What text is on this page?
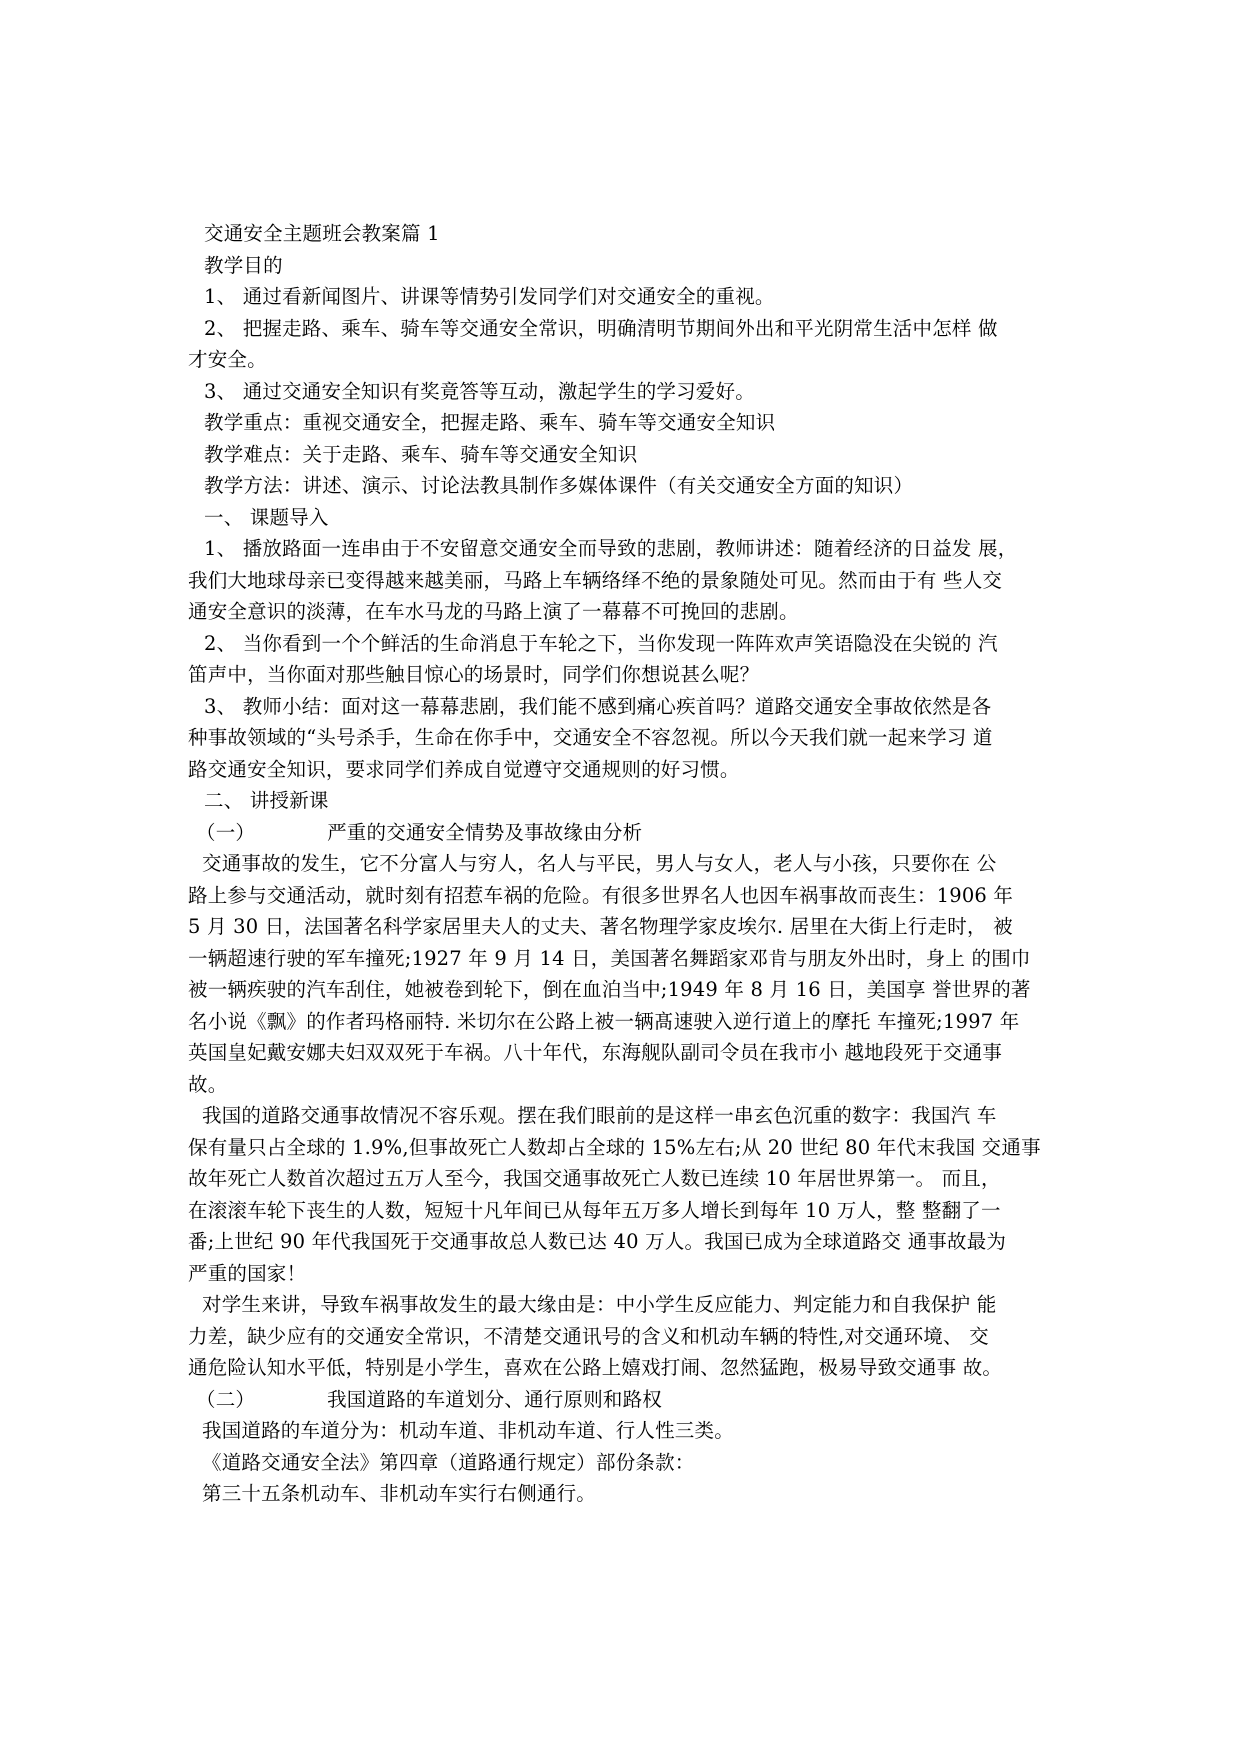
交通安全主题班会教案篇 1
教学目的
1、 通过看新闻图片、讲课等情势引发同学们对交通安全的重视。
2、 把握走路、乘车、骑车等交通安全常识，明确清明节期间外出和平光阴常生活中怎样 做
才安全。
3、 通过交通安全知识有奖竟答等互动，激起学生的学习爱好。
教学重点：重视交通安全，把握走路、乘车、骑车等交通安全知识
教学难点：关于走路、乘车、骑车等交通安全知识
教学方法：讲述、演示、讨论法教具制作多媒体课件（有关交通安全方面的知识）
一、 课题导入
1、 播放路面一连串由于不安留意交通安全而导致的悲剧，教师讲述：随着经济的日益发 展，
我们大地球母亲已变得越来越美丽，马路上车辆络绎不绝的景象随处可见。然而由于有 些人交
通安全意识的淡薄，在车水马龙的马路上演了一幕幕不可挽回的悲剧。
2、 当你看到一个个鲜活的生命消息于车轮之下，当你发现一阵阵欢声笑语隐没在尖锐的 汽
笛声中，当你面对那些触目惊心的场景时，同学们你想说甚么呢？
3、 教师小结：面对这一幕幕悲剧，我们能不感到痛心疾首吗？道路交通安全事故依然是各
种事故领域的“头号杀手，生命在你手中，交通安全不容忽视。所以今天我们就一起来学习 道
路交通安全知识，要求同学们养成自觉遵守交通规则的好习惯。
二、 讲授新课
（一）	严重的交通安全情势及事故缘由分析
交通事故的发生，它不分富人与穷人，名人与平民，男人与女人，老人与小孩，只要你在 公
路上参与交通活动，就时刻有招惹车祸的危险。有很多世界名人也因车祸事故而丧生：1906 年
5 月 30 日，法国著名科学家居里夫人的丈夫、著名物理学家皮埃尔. 居里在大街上行走时， 被
一辆超速行驶的军车撞死;1927 年 9 月 14 日，美国著名舞蹈家邓肯与朋友外出时，身上 的围巾
被一辆疾驶的汽车刮住，她被卷到轮下，倒在血泊当中;1949 年 8 月 16 日，美国享 誉世界的著
名小说《飘》的作者玛格丽特. 米切尔在公路上被一辆髙速驶入逆行道上的摩托 车撞死;1997 年
英国皇妃戴安娜夫妇双双死于车祸。八十年代，东海舰队副司令员在我市小 越地段死于交通事
故。
我国的道路交通事故情况不容乐观。摆在我们眼前的是这样一串玄色沉重的数字：我国汽 车
保有量只占全球的 1.9%,但事故死亡人数却占全球的 15%左右;从 20 世纪 80 年代末我国 交通事
故年死亡人数首次超过五万人至今，我国交通事故死亡人数已连续 10 年居世界第一。 而且，
在滚滚车轮下丧生的人数，短短十凡年间已从每年五万多人增长到每年 10 万人，整 整翻了一
番;上世纪 90 年代我国死于交通事故总人数已达 40 万人。我国已成为全球道路交 通事故最为
严重的国家！
对学生来讲，导致车祸事故发生的最大缘由是：中小学生反应能力、判定能力和自我保护 能
力差，缺少应有的交通安全常识，不清楚交通讯号的含义和机动车辆的特性,对交通环境、 交
通危险认知水平低，特别是小学生，喜欢在公路上嬉戏打闹、忽然猛跑，极易导致交通事 故。
（二）	我国道路的车道划分、通行原则和路权
我国道路的车道分为：机动车道、非机动车道、行人性三类。
《道路交通安全法》第四章（道路通行规定）部份条款：
第三十五条机动车、非机动车实行右侧通行。
